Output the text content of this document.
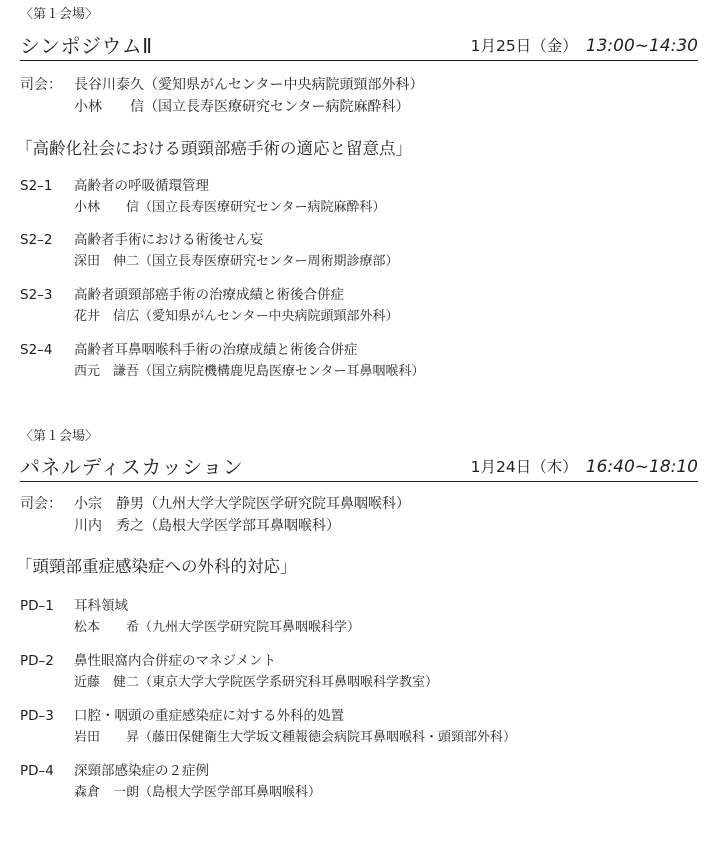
〈第１会場〉
シンポジウムⅡ	1月25日（金） 13:00~14:30
司会： 長谷川泰久（愛知県がんセンター中央病院頭頸部外科）
小林　　信（国立長寿医療研究センター病院麻酔科）
「高齢化社会における頭頸部癌手術の適応と留意点」
S2–1 高齢者の呼吸循環管理
小林　　信（国立長寿医療研究センター病院麻酔科）
S2–2 高齢者手術における術後せん妄
深田　伸二（国立長寿医療研究センター周術期診療部）
S2–3 高齢者頭頸部癌手術の治療成績と術後合併症
花井　信広（愛知県がんセンター中央病院頭頸部外科）
S2–4 高齢者耳鼻咽喉科手術の治療成績と術後合併症
西元　謙吾（国立病院機構鹿児島医療センター耳鼻咽喉科）
〈第１会場〉
パネルディスカッション	1月24日（木） 16:40~18:10
司会： 小宗　静男（九州大学大学院医学研究院耳鼻咽喉科）
川内　秀之（島根大学医学部耳鼻咽喉科）
「頭頸部重症感染症への外科的対応」
PD–1 耳科領域
松本　　希（九州大学医学研究院耳鼻咽喉科学）
PD–2 鼻性眼窩内合併症のマネジメント
近藤　健二（東京大学大学院医学系研究科耳鼻咽喉科学教室）
PD–3 口腔・咽頭の重症感染症に対する外科的処置
岩田　　昇（藤田保健衛生大学坂文種報徳会病院耳鼻咽喉科・頭頸部外科）
PD–4 深頸部感染症の２症例
森倉　一朗（島根大学医学部耳鼻咽喉科）
